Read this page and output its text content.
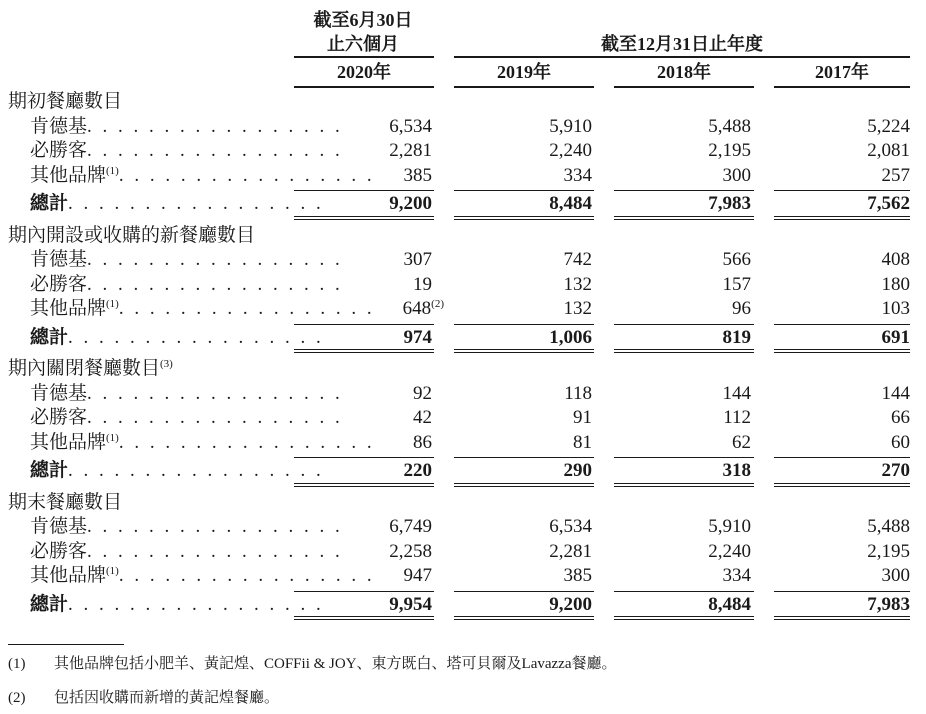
截至6月30日
止六個月	截至12月31日止年度
2020年	2019年	2018年	2017年
期初餐廳數目
肯德基. . . . . . . . . . . . . . . . . 6,534	5,910	5,488	5,224
必勝客. . . . . . . . . . . . . . . . . 2,281	2,240	2,195	2,081
其他品牌$^{(1)}$. . . . . . . . . . . . . . . . . 385	334	300	257
總計. . . . . . . . . . . . . . . . .	9,200	8,484	7,983	7,562
期內開設或收購的新餐廳數目
肯德基. . . . . . . . . . . . . . . . .	307	742	566	408
必勝客. . . . . . . . . . . . . . . . .	19	132	157	180
其他品牌$^{(1)}$. . . . . . . . . . . . . . . . . 648$^{(2)}$	132	96	103
總計. . . . . . . . . . . . . . . . .	974	1,006	819	691
期內關閉餐廳數目$^{(3)}$
肯德基. . . . . . . . . . . . . . . . .	92	118	144	144
必勝客. . . . . . . . . . . . . . . . .	42	91	112	66
其他品牌$^{(1)}$. . . . . . . . . . . . . . . . . 86	81	62	60
總計. . . . . . . . . . . . . . . . .	220	290	318	270
期末餐廳數目
肯德基. . . . . . . . . . . . . . . . . 6,749	6,534	5,910	5,488
必勝客. . . . . . . . . . . . . . . . . 2,258	2,281	2,240	2,195
其他品牌$^{(1)}$. . . . . . . . . . . . . . . . . 947	385	334	300
總計. . . . . . . . . . . . . . . . .	9,954	9,200	8,484	7,983
(1) 其他品牌包括小肥羊、黃記煌、COFFii & JOY、東方既白、塔可貝爾及Lavazza餐廳。
(2) 包括因收購而新增的黃記煌餐廳。
